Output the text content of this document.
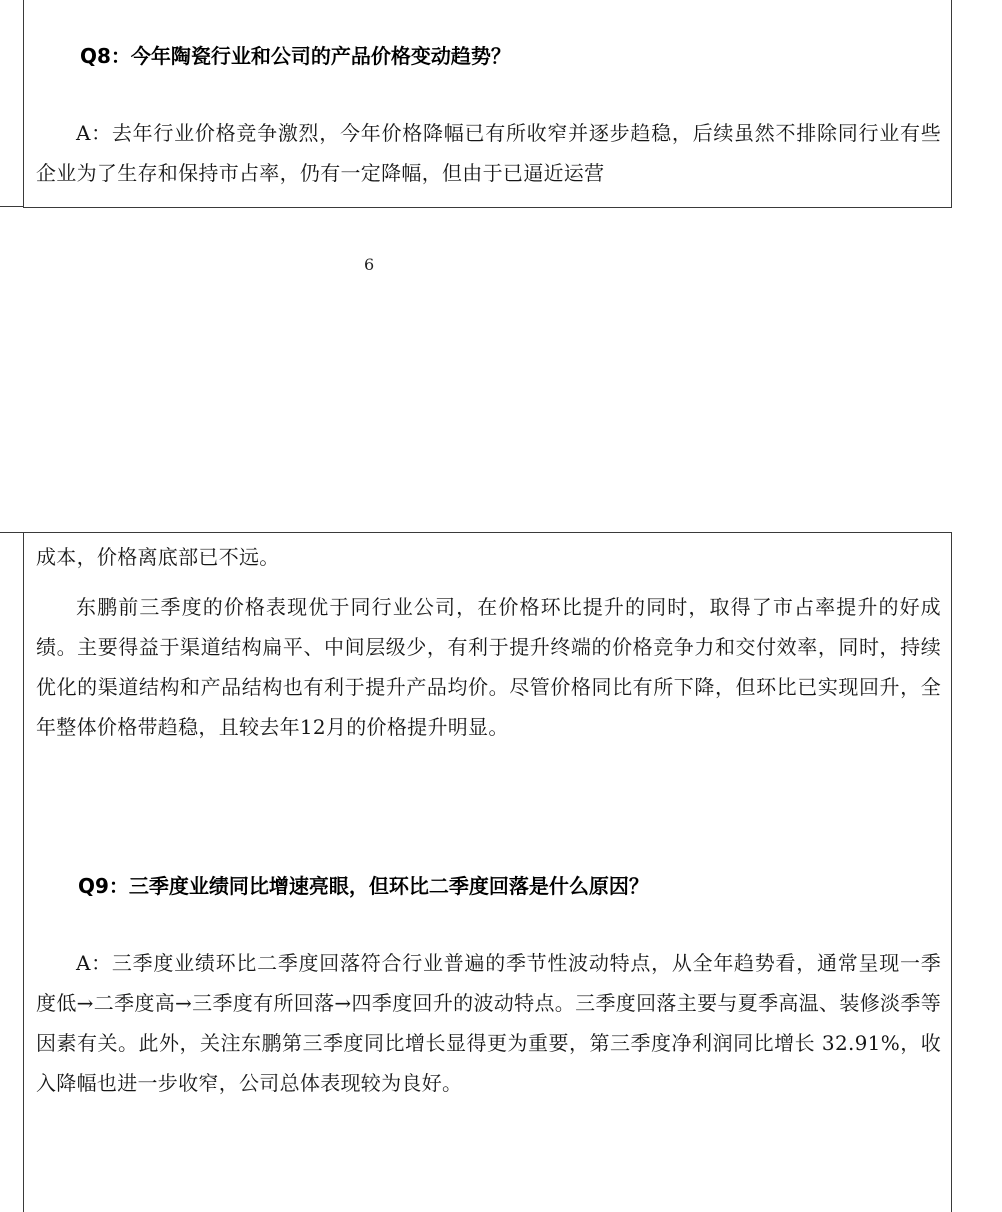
Q8：今年陶瓷行业和公司的产品价格变动趋势？
A：去年行业价格竞争激烈，今年价格降幅已有所收窄并逐步趋稳，后续虽然不排除同行业有些企业为了生存和保持市占率，仍有一定降幅，但由于已逼近运营
6
成本，价格离底部已不远。
东鹏前三季度的价格表现优于同行业公司，在价格环比提升的同时，取得了市占率提升的好成绩。主要得益于渠道结构扁平、中间层级少，有利于提升终端的价格竞争力和交付效率，同时，持续优化的渠道结构和产品结构也有利于提升产品均价。尽管价格同比有所下降，但环比已实现回升，全年整体价格带趋稳，且较去年12月的价格提升明显。
Q9：三季度业绩同比增速亮眼，但环比二季度回落是什么原因？
A：三季度业绩环比二季度回落符合行业普遍的季节性波动特点，从全年趋势看，通常呈现一季度低→二季度高→三季度有所回落→四季度回升的波动特点。三季度回落主要与夏季高温、装修淡季等因素有关。此外，关注东鹏第三季度同比增长显得更为重要，第三季度净利润同比增长 32.91%，收入降幅也进一步收窄，公司总体表现较为良好。
